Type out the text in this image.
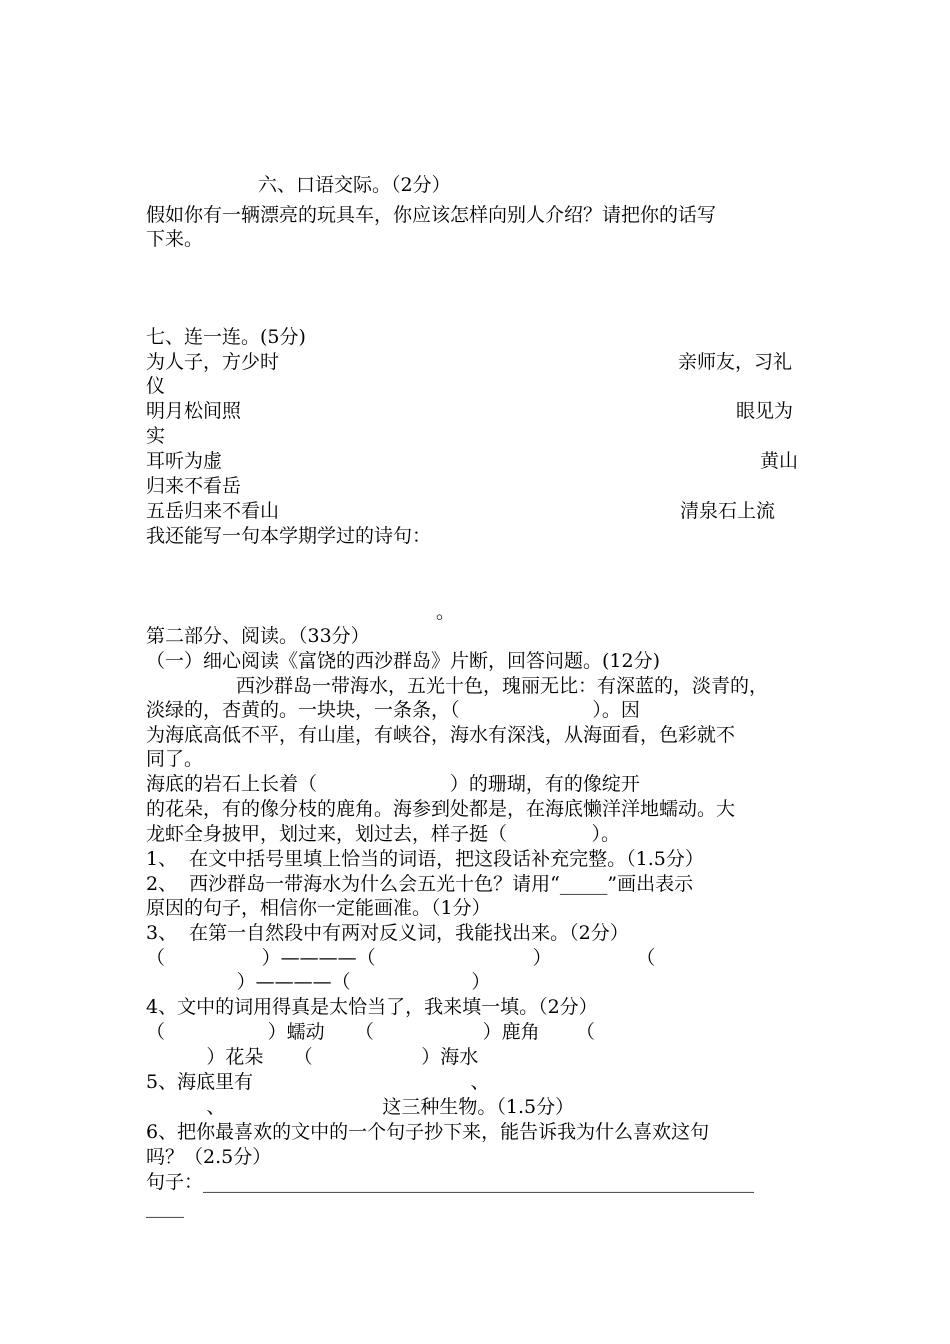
六、口语交际。（2分）
假如你有一辆漂亮的玩具车，你应该怎样向别人介绍？请把你的话写
下来。
七、连一连。(5分)
为人子，方少时	亲师友，习礼
仪
明月松间照	眼见为
实
耳听为虚	黄山
归来不看岳
五岳归来不看山	清泉石上流
我还能写一句本学期学过的诗句：
。
第二部分、阅读。（33分）
（一）细心阅读《富饶的西沙群岛》片断，回答问题。(12分)
西沙群岛一带海水，五光十色，瑰丽无比：有深蓝的，淡青的，
淡绿的，杏黄的。一块块，一条条，（                      ）。因
为海底高低不平，有山崖，有峡谷，海水有深浅，从海面看，色彩就不
同了。
海底的岩石上长着（                      ）的珊瑚，有的像绽开
的花朵，有的像分枝的鹿角。海参到处都是，在海底懒洋洋地蠕动。大
龙虾全身披甲，划过来，划过去，样子挺（              ）。
1、  在文中括号里填上恰当的词语，把这段话补充完整。（1.5分）
2、  西沙群岛一带海水为什么会五光十色？请用“_____”画出表示
原因的句子，相信你一定能画准。（1分）
3、  在第一自然段中有两对反义词，我能找出来。（2分）
（                ）————（                          ）              （
）————（                    ）
4、文中的词用得真是太恰当了，我来填一填。（2分）
（                 ）蠕动     （                  ）鹿角      （
）花朵     （                  ）海水
5、海底里有                                    、
、                          这三种生物。（1.5分）
6、把你最喜欢的文中的一个句子抄下来，能告诉我为什么喜欢这句
吗？（2.5分）
句子：__________________________________________________________
____
